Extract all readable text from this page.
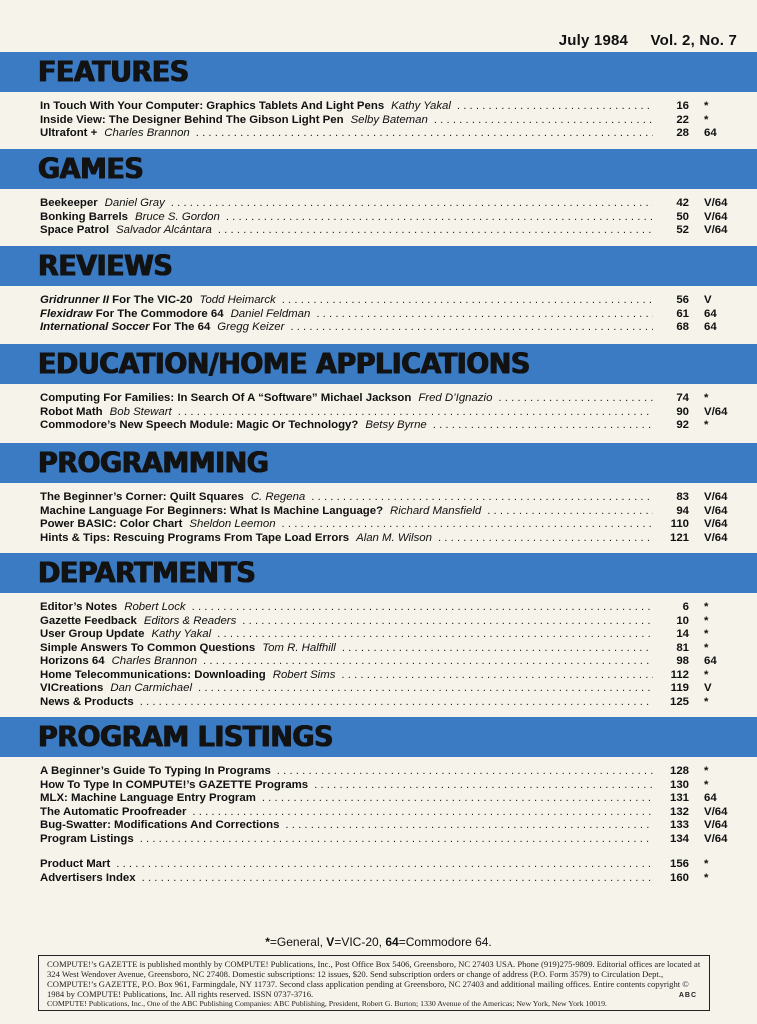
July 1984 Vol. 2, No. 7
FEATURES
In Touch With Your Computer: Graphics Tablets And Light Pens Kathy Yakal . . .	16	*
Inside View: The Designer Behind The Gibson Light Pen Selby Bateman . . .	22	*
Ultrafont + Charles Brannon . . .	28	64
GAMES
Beekeeper Daniel Gray . . .	42	V/64
Bonking Barrels Bruce S. Gordon . . .	50	V/64
Space Patrol Salvador Alcántara . . .	52	V/64
REVIEWS
Gridrunner II For The VIC-20 Todd Heimarck . . .	56	V
Flexidraw For The Commodore 64 Daniel Feldman . . .	61	64
International Soccer For The 64 Gregg Keizer . . .	68	64
EDUCATION/HOME APPLICATIONS
Computing For Families: In Search Of A “Software” Michael Jackson Fred D’Ignazio . . .	74	*
Robot Math Bob Stewart . . .	90	V/64
Commodore’s New Speech Module: Magic Or Technology? Betsy Byrne . . .	92	*
PROGRAMMING
The Beginner’s Corner: Quilt Squares C. Regena . . .	83	V/64
Machine Language For Beginners: What Is Machine Language? Richard Mansfield . . .	94	V/64
Power BASIC: Color Chart Sheldon Leemon . . .	110	V/64
Hints & Tips: Rescuing Programs From Tape Load Errors Alan M. Wilson . . .	121	V/64
DEPARTMENTS
Editor’s Notes Robert Lock . . .	6	*
Gazette Feedback Editors & Readers . . .	10	*
User Group Update Kathy Yakal . . .	14	*
Simple Answers To Common Questions Tom R. Halfhill . . .	81	*
Horizons 64 Charles Brannon . . .	98	64
Home Telecommunications: Downloading Robert Sims . . .	112	*
VICreations Dan Carmichael . . .	119	V
News & Products . . .	125	*
PROGRAM LISTINGS
A Beginner’s Guide To Typing In Programs . . .	128	*
How To Type In COMPUTE!’s GAZETTE Programs . . .	130	*
MLX: Machine Language Entry Program . . .	131	64
The Automatic Proofreader . . .	132	V/64
Bug-Swatter: Modifications And Corrections . . .	133	V/64
Program Listings . . .	134	V/64
Product Mart . . .	156	*
Advertisers Index . . .	160	*
*=General, V=VIC-20, 64=Commodore 64.

COMPUTE!’s GAZETTE is published monthly by COMPUTE! Publications, Inc., Post Office Box 5406, Greensboro, NC 27403 USA. Phone (919)275-9809. Editorial offices are located at 324 West Wendover Avenue, Greensboro, NC 27408. Domestic subscriptions: 12 issues, $20. Send subscription orders or change of address (P.O. Form 3579) to Circulation Dept., COMPUTE!’s GAZETTE, P.O. Box 961, Farmingdale, NY 11737. Second class application pending at Greensboro, NC 27403 and additional mailing offices. Entire contents copyright © 1984 by COMPUTE! Publications, Inc. All rights reserved. ISSN 0737-3716.

COMPUTE! Publications, Inc., One of the ABC Publishing Companies: ABC Publishing, President, Robert G. Burton; 1330 Avenue of the Americas; New York, New York 10019.

ABC
